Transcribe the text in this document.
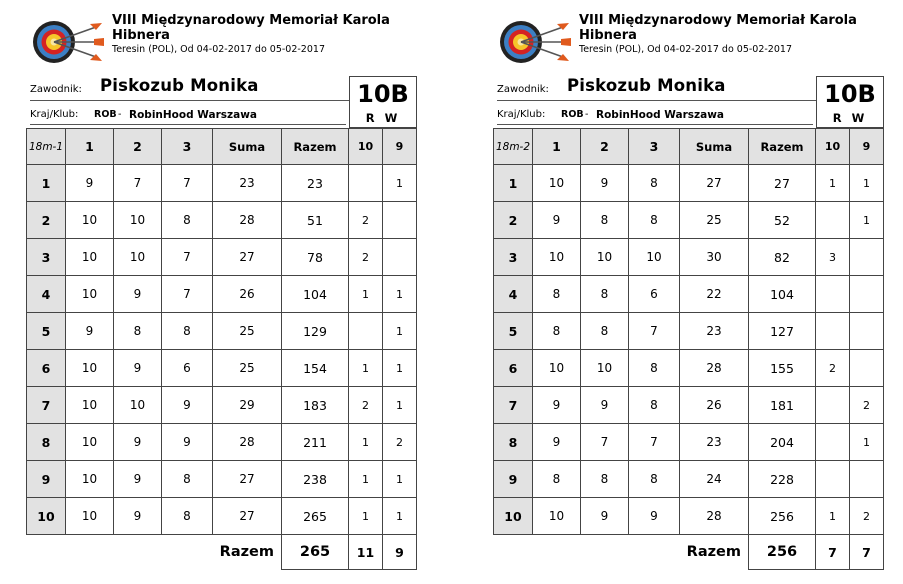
VIII Międzynarodowy Memoriał Karola Hibnera
Teresin (POL), Od 04-02-2017 do 05-02-2017
Zawodnik: Piskozub Monika
Kraj/Klub: ROB - RobinHood Warszawa
10B
R W
18m-1	1	2	3	Suma	Razem	10	9
1	9	7	7	23	23		1
2	10	10	8	28	51	2	
3	10	10	7	27	78	2	
4	10	9	7	26	104	1	1
5	9	8	8	25	129		1
6	10	9	6	25	154	1	1
7	10	10	9	29	183	2	1
8	10	9	9	28	211	1	2
9	10	9	8	27	238	1	1
10	10	9	8	27	265	1	1
				Razem	265	11	9
VIII Międzynarodowy Memoriał Karola Hibnera
Teresin (POL), Od 04-02-2017 do 05-02-2017
Zawodnik: Piskozub Monika
Kraj/Klub: ROB - RobinHood Warszawa
10B
R W
18m-2	1	2	3	Suma	Razem	10	9
1	10	9	8	27	27	1	1
2	9	8	8	25	52		1
3	10	10	10	30	82	3	
4	8	8	6	22	104		
5	8	8	7	23	127		
6	10	10	8	28	155	2	
7	9	9	8	26	181		2
8	9	7	7	23	204		1
9	8	8	8	24	228		
10	10	9	9	28	256	1	2
				Razem	256	7	7
